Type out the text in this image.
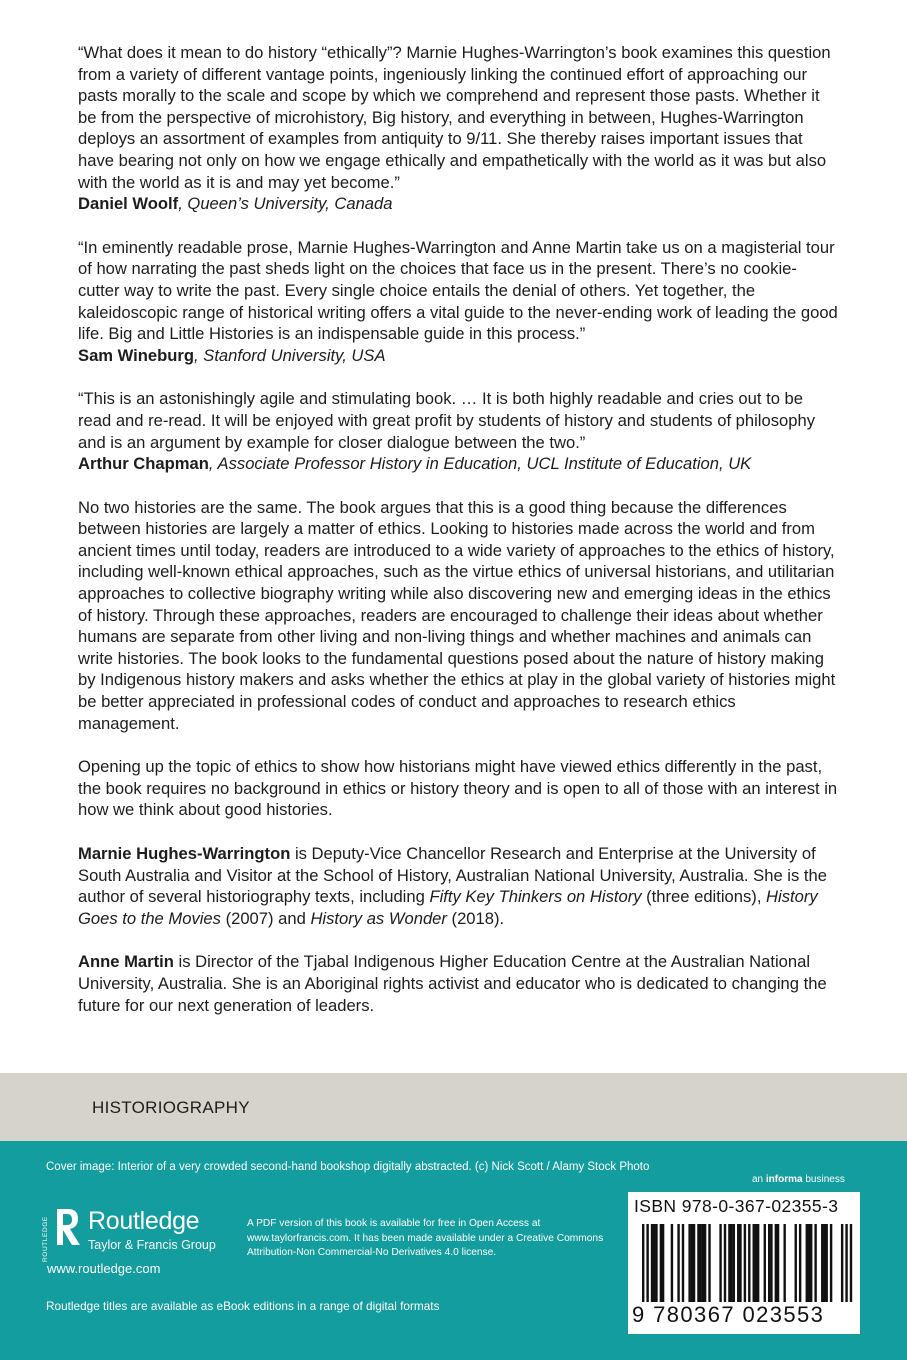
“What does it mean to do history “ethically”? Marnie Hughes-Warrington’s book examines this question from a variety of different vantage points, ingeniously linking the continued effort of approaching our pasts morally to the scale and scope by which we comprehend and represent those pasts. Whether it be from the perspective of microhistory, Big history, and everything in between, Hughes-Warrington deploys an assortment of examples from antiquity to 9/11. She thereby raises important issues that have bearing not only on how we engage ethically and empathetically with the world as it was but also with the world as it is and may yet become.”

Daniel Woolf, Queen’s University, Canada

“In eminently readable prose, Marnie Hughes-Warrington and Anne Martin take us on a magisterial tour of how narrating the past sheds light on the choices that face us in the present. There’s no cookie-cutter way to write the past. Every single choice entails the denial of others. Yet together, the kaleidoscopic range of historical writing offers a vital guide to the never-ending work of leading the good life. Big and Little Histories is an indispensable guide in this process.”

Sam Wineburg, Stanford University, USA

“This is an astonishingly agile and stimulating book. … It is both highly readable and cries out to be read and re-read. It will be enjoyed with great profit by students of history and students of philosophy and is an argument by example for closer dialogue between the two.”

Arthur Chapman, Associate Professor History in Education, UCL Institute of Education, UK

No two histories are the same. The book argues that this is a good thing because the differences between histories are largely a matter of ethics. Looking to histories made across the world and from ancient times until today, readers are introduced to a wide variety of approaches to the ethics of history, including well-known ethical approaches, such as the virtue ethics of universal historians, and utilitarian approaches to collective biography writing while also discovering new and emerging ideas in the ethics of history. Through these approaches, readers are encouraged to challenge their ideas about whether humans are separate from other living and non-living things and whether machines and animals can write histories. The book looks to the fundamental questions posed about the nature of history making by Indigenous history makers and asks whether the ethics at play in the global variety of histories might be better appreciated in professional codes of conduct and approaches to research ethics management.

Opening up the topic of ethics to show how historians might have viewed ethics differently in the past, the book requires no background in ethics or history theory and is open to all of those with an interest in how we think about good histories.

Marnie Hughes-Warrington is Deputy-Vice Chancellor Research and Enterprise at the University of South Australia and Visitor at the School of History, Australian National University, Australia. She is the author of several historiography texts, including Fifty Key Thinkers on History (three editions), History Goes to the Movies (2007) and History as Wonder (2018).

Anne Martin is Director of the Tjabal Indigenous Higher Education Centre at the Australian National University, Australia. She is an Aboriginal rights activist and educator who is dedicated to changing the future for our next generation of leaders.

HISTORIOGRAPHY
Cover image: Interior of a very crowded second-hand bookshop digitally abstracted. (c) Nick Scott / Alamy Stock Photo
an informa business
ROUTLEDGE Routledge
Taylor & Francis Group
www.routledge.com
A PDF version of this book is available for free in Open Access at www.taylorfrancis.com. It has been made available under a Creative Commons Attribution-Non Commercial-No Derivatives 4.0 license.
Routledge titles are available as eBook editions in a range of digital formats
ISBN 978-0-367-02355-3
9 780367 023553
